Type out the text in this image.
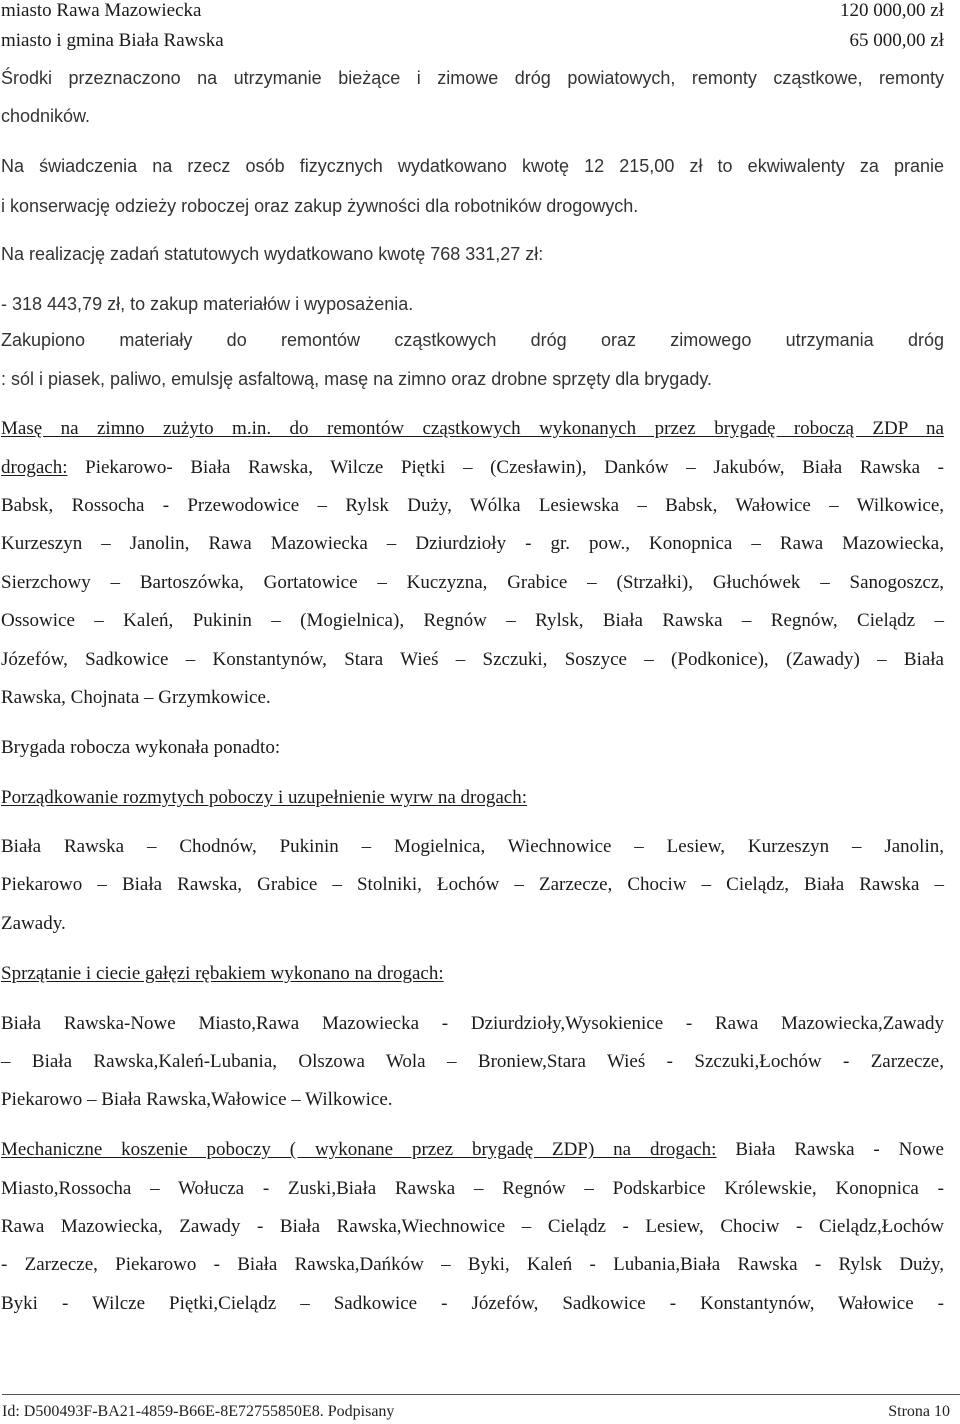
miasto Rawa Mazowiecka	120 000,00 zł
miasto i gmina Biała Rawska	65 000,00 zł
Środki przeznaczono na utrzymanie bieżące i zimowe dróg powiatowych, remonty cząstkowe, remonty
chodników.
Na świadczenia na rzecz osób fizycznych wydatkowano kwotę 12 215,00 zł to ekwiwalenty za pranie
i konserwację odzieży roboczej oraz zakup żywności dla robotników drogowych.
Na realizację zadań statutowych wydatkowano kwotę 768 331,27 zł:
- 318 443,79 zł, to zakup materiałów i wyposażenia.
Zakupiono materiały do remontów cząstkowych dróg oraz zimowego utrzymania dróg
: sól i piasek, paliwo, emulsję asfaltową, masę na zimno oraz drobne sprzęty dla brygady.
Masę na zimno zużyto m.in. do remontów cząstkowych wykonanych przez brygadę roboczą ZDP na
drogach: Piekarowo- Biała Rawska, Wilcze Piętki – (Czesławin), Danków – Jakubów, Biała Rawska -
Babsk, Rossocha - Przewodowice – Rylsk Duży, Wólka Lesiewska – Babsk, Wałowice – Wilkowice,
Kurzeszyn – Janolin, Rawa Mazowiecka – Dziurdzioły - gr. pow., Konopnica – Rawa Mazowiecka,
Sierzchowy – Bartoszówka, Gortatowice – Kuczyzna, Grabice – (Strzałki), Głuchówek – Sanogoszcz,
Ossowice – Kaleń, Pukinin – (Mogielnica), Regnów – Rylsk, Biała Rawska – Regnów, Cielądz –
Józefów, Sadkowice – Konstantynów, Stara Wieś – Szczuki, Soszyce – (Podkonice), (Zawady) – Biała
Rawska, Chojnata – Grzymkowice.
Brygada robocza wykonała ponadto:
Porządkowanie rozmytych poboczy i uzupełnienie wyrw na drogach:
Biała Rawska – Chodnów, Pukinin – Mogielnica, Wiechnowice – Lesiew, Kurzeszyn – Janolin,
Piekarowo – Biała Rawska, Grabice – Stolniki, Łochów – Zarzecze, Chociw – Cielądz, Biała Rawska –
Zawady.
Sprzątanie i ciecie gałęzi rębakiem wykonano na drogach:
Biała Rawska-Nowe Miasto,Rawa Mazowiecka - Dziurdzioły,Wysokienice - Rawa Mazowiecka,Zawady
– Biała Rawska,Kaleń-Lubania, Olszowa Wola – Broniew,Stara Wieś - Szczuki,Łochów - Zarzecze,
Piekarowo – Biała Rawska,Wałowice – Wilkowice.
Mechaniczne koszenie poboczy ( wykonane przez brygadę ZDP) na drogach: Biała Rawska - Nowe
Miasto,Rossocha – Wołucza - Zuski,Biała Rawska – Regnów – Podskarbice Królewskie, Konopnica -
Rawa Mazowiecka, Zawady - Biała Rawska,Wiechnowice – Cielądz - Lesiew, Chociw - Cielądz,Łochów
- Zarzecze, Piekarowo - Biała Rawska,Dańków – Byki, Kaleń - Lubania,Biała Rawska - Rylsk Duży,
Byki - Wilcze Piętki,Cielądz – Sadkowice - Józefów, Sadkowice - Konstantynów, Wałowice -
Id: D500493F-BA21-4859-B66E-8E72755850E8. Podpisany	Strona 10
